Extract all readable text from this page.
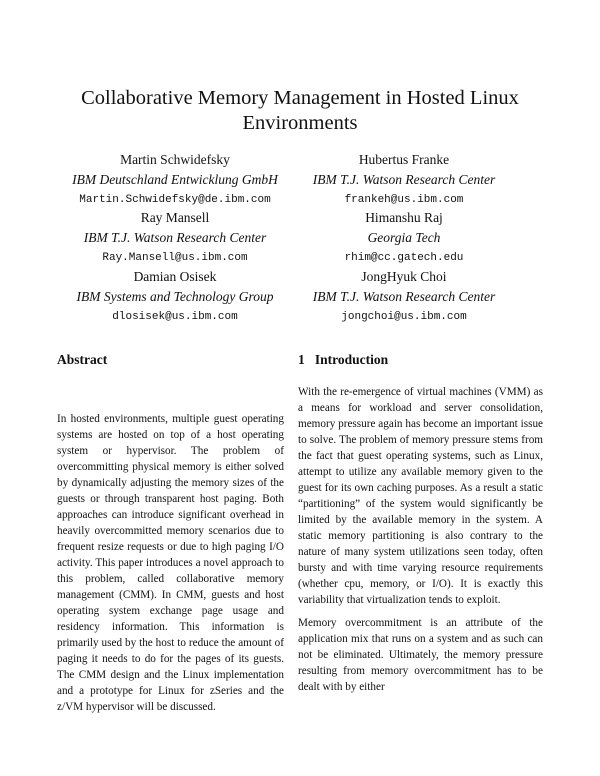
Collaborative Memory Management in Hosted Linux Environments
Martin Schwidefsky
IBM Deutschland Entwicklung GmbH
Martin.Schwidefsky@de.ibm.com
Hubertus Franke
IBM T.J. Watson Research Center
frankeh@us.ibm.com
Ray Mansell
IBM T.J. Watson Research Center
Ray.Mansell@us.ibm.com
Himanshu Raj
Georgia Tech
rhim@cc.gatech.edu
Damian Osisek
IBM Systems and Technology Group
dlosisek@us.ibm.com
JongHyuk Choi
IBM T.J. Watson Research Center
jongchoi@us.ibm.com
Abstract	1   Introduction

In hosted environments, multiple guest operating systems are hosted on top of a host operating system or hypervisor. The problem of overcommitting physical memory is either solved by dynamically adjusting the memory sizes of the guests or through transparent host paging. Both approaches can introduce significant overhead in heavily overcommitted memory scenarios due to frequent resize requests or due to high paging I/O activity. This paper introduces a novel approach to this problem, called collaborative memory management (CMM). In CMM, guests and host operating system exchange page usage and residency information. This information is primarily used by the host to reduce the amount of paging it needs to do for the pages of its guests. The CMM design and the Linux implementation and a prototype for Linux for zSeries and the z/VM hypervisor will be discussed.

With the re-emergence of virtual machines (VMM) as a means for workload and server consolidation, memory pressure again has become an important issue to solve. The problem of memory pressure stems from the fact that guest operating systems, such as Linux, attempt to utilize any available memory given to the guest for its own caching purposes. As a result a static “partitioning” of the system would significantly be limited by the available memory in the system. A static memory partitioning is also contrary to the nature of many system utilizations seen today, often bursty and with time varying resource requirements (whether cpu, memory, or I/O). It is exactly this variability that virtualization tends to exploit.

Memory overcommitment is an attribute of the application mix that runs on a system and as such can not be eliminated. Ultimately, the memory pressure resulting from memory overcommitment has to be dealt with by either
